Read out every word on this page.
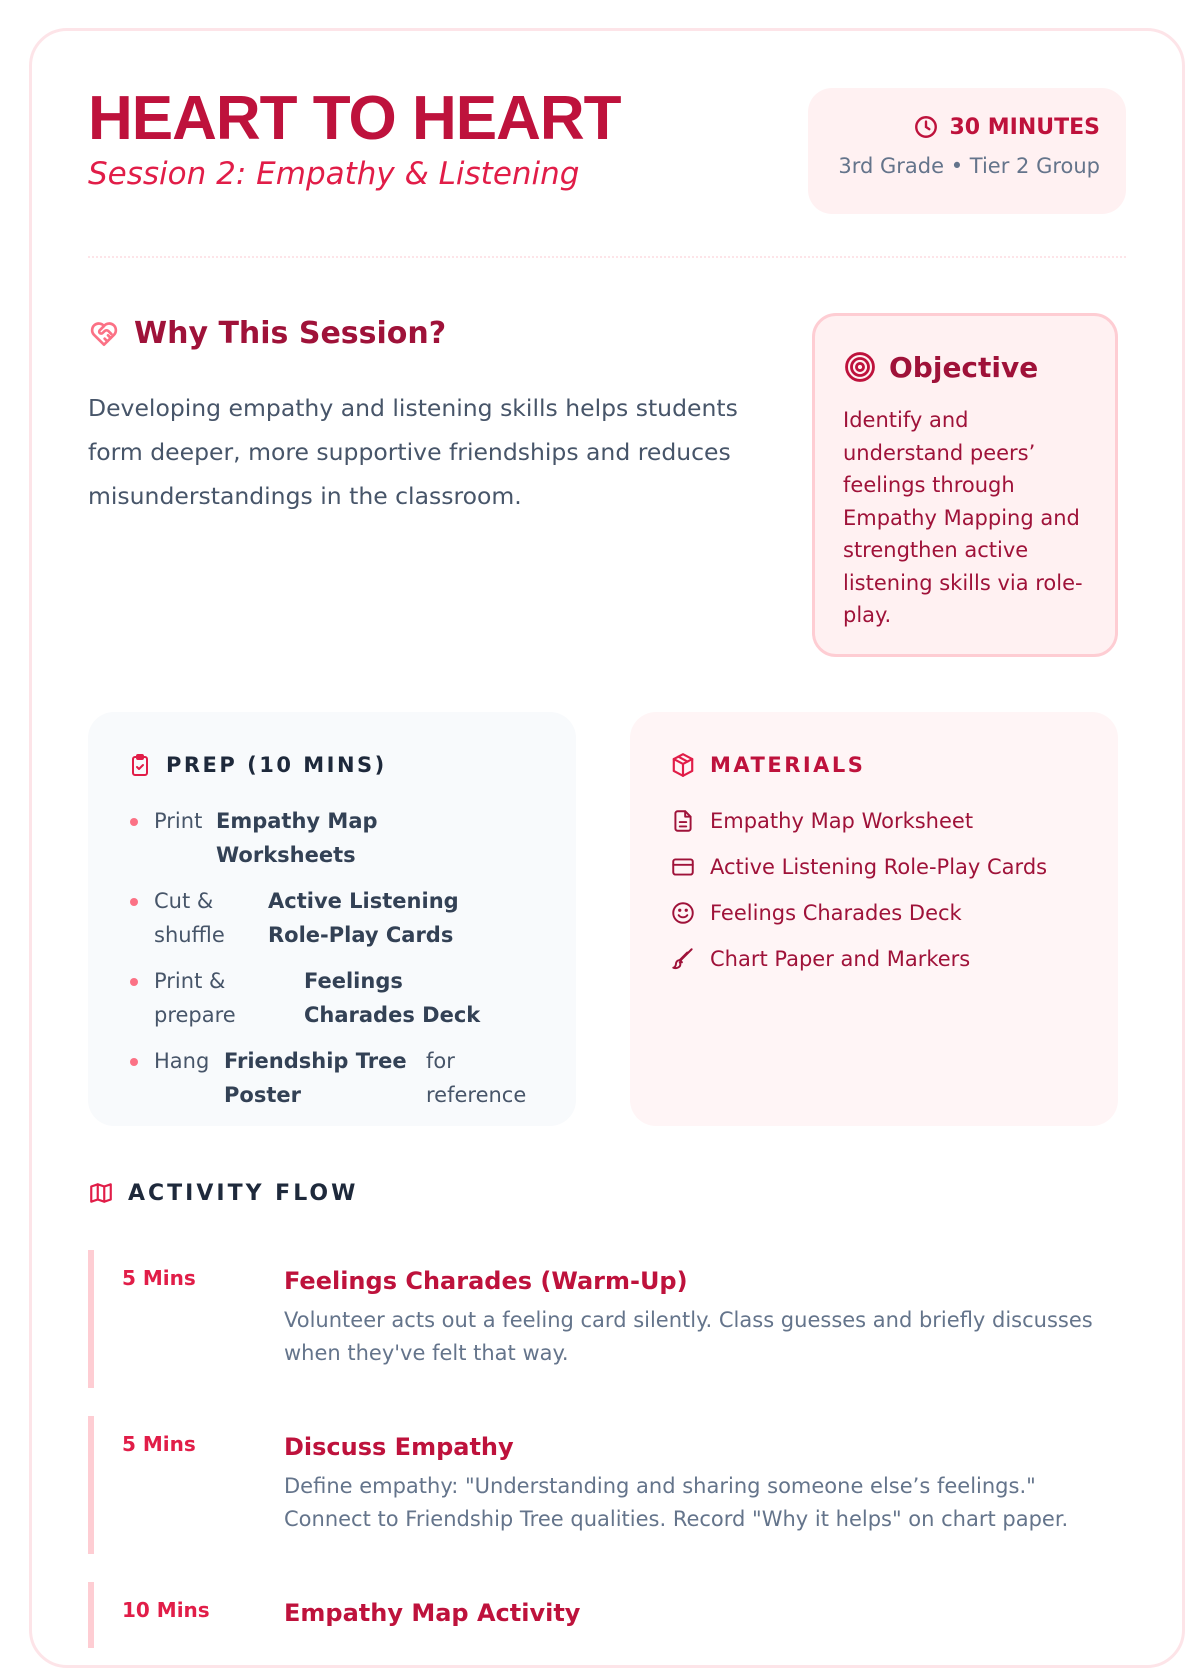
HEART TO HEART
Session 2: Empathy & Listening
30 MINUTES
3rd Grade • Tier 2 Group
Why This Session?
Developing empathy and listening skills helps students form deeper, more supportive friendships and reduces misunderstandings in the classroom.
Objective
Identify and understand peers’ feelings through Empathy Mapping and strengthen active listening skills via role-play.
PREP (10 MINS)
Print Empathy Map Worksheets
Cut & shuffle
Active Listening Role-Play Cards
Print & prepare
Feelings Charades Deck
Hang Friendship Tree Poster
for reference
MATERIALS
Empathy Map Worksheet
Active Listening Role-Play Cards
Feelings Charades Deck
Chart Paper and Markers
ACTIVITY FLOW
5 Mins	Feelings Charades (Warm-Up)
Volunteer acts out a feeling card silently. Class guesses and briefly discusses when they've felt that way.
5 Mins	Discuss Empathy
Define empathy: "Understanding and sharing someone else’s feelings." Connect to Friendship Tree qualities. Record "Why it helps" on chart paper.
10 Mins	Empathy Map Activity
